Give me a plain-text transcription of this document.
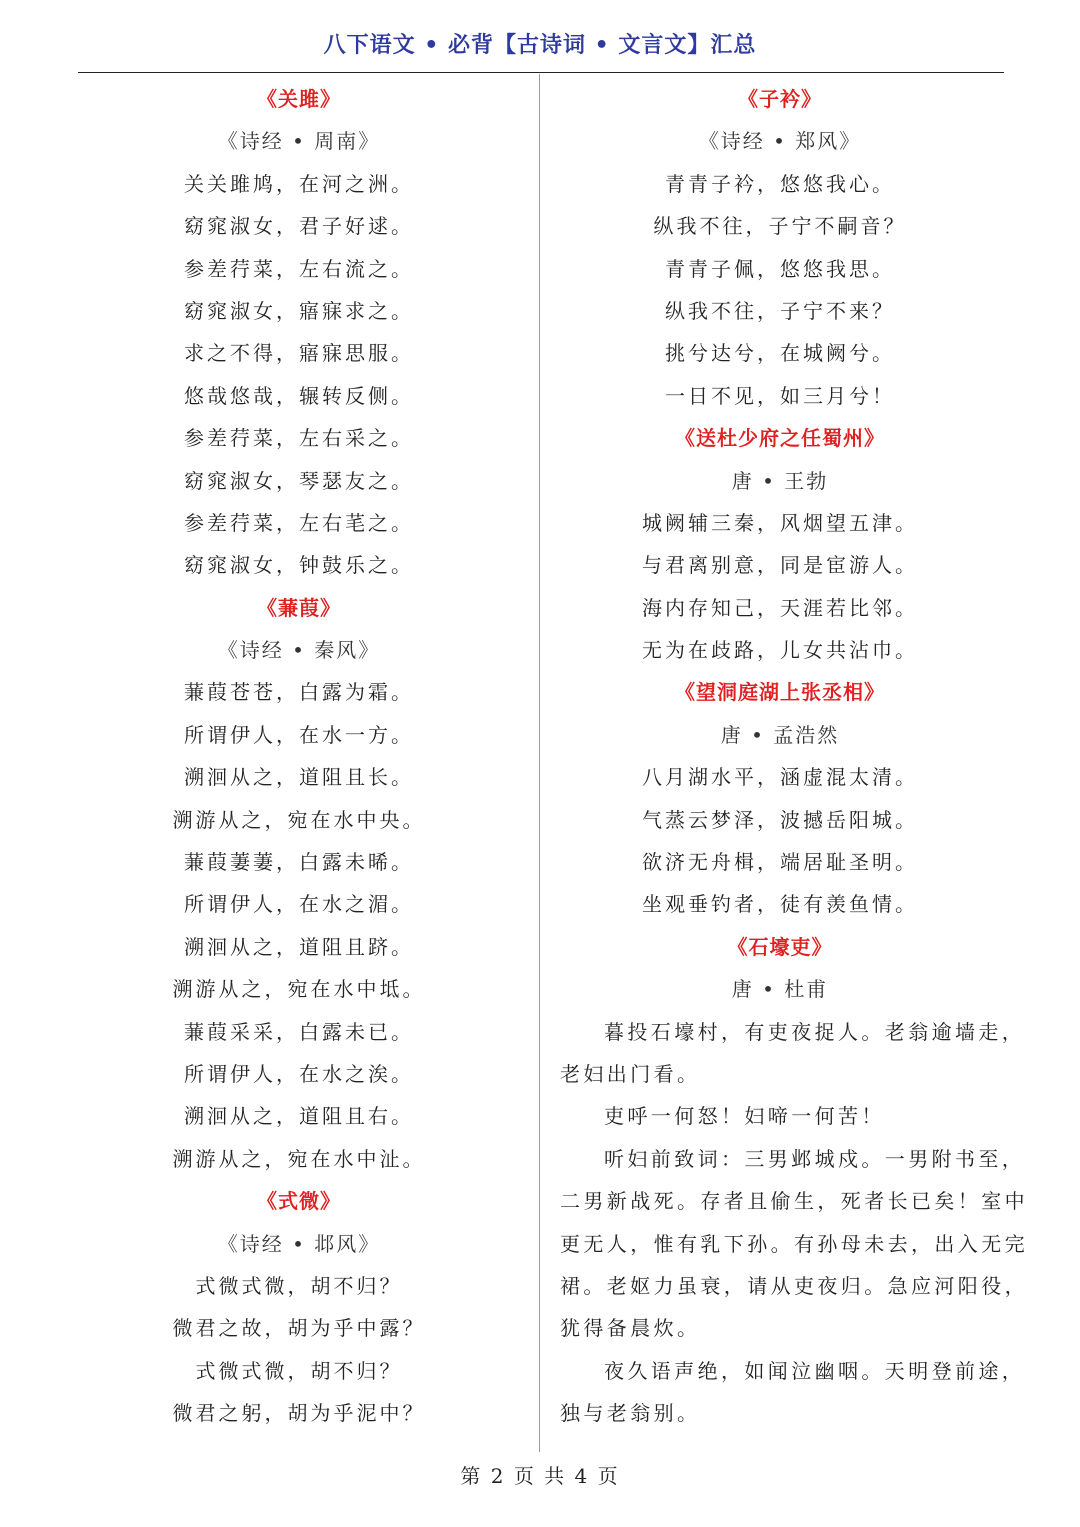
八下语文 • 必背【古诗词 • 文言文】汇总
《关雎》
《诗经 • 周南》
关关雎鸠，在河之洲。
窈窕淑女，君子好逑。
参差荇菜，左右流之。
窈窕淑女，寤寐求之。
求之不得，寤寐思服。
悠哉悠哉，辗转反侧。
参差荇菜，左右采之。
窈窕淑女，琴瑟友之。
参差荇菜，左右芼之。
窈窕淑女，钟鼓乐之。
《蒹葭》
《诗经 • 秦风》
蒹葭苍苍，白露为霜。
所谓伊人，在水一方。
溯洄从之，道阻且长。
溯游从之，宛在水中央。
蒹葭萋萋，白露未晞。
所谓伊人，在水之湄。
溯洄从之，道阻且跻。
溯游从之，宛在水中坻。
蒹葭采采，白露未已。
所谓伊人，在水之涘。
溯洄从之，道阻且右。
溯游从之，宛在水中沚。
《式微》
《诗经 • 邶风》
式微式微，胡不归？
微君之故，胡为乎中露？
式微式微，胡不归？
微君之躬，胡为乎泥中？
《子衿》
《诗经 • 郑风》
青青子衿，悠悠我心。
纵我不往，子宁不嗣音？
青青子佩，悠悠我思。
纵我不往，子宁不来？
挑兮达兮，在城阙兮。
一日不见，如三月兮！
《送杜少府之任蜀州》
唐 • 王勃
城阙辅三秦，风烟望五津。
与君离别意，同是宦游人。
海内存知己，天涯若比邻。
无为在歧路，儿女共沾巾。
《望洞庭湖上张丞相》
唐 • 孟浩然
八月湖水平，涵虚混太清。
气蒸云梦泽，波撼岳阳城。
欲济无舟楫，端居耻圣明。
坐观垂钓者，徒有羡鱼情。
《石壕吏》
唐 • 杜甫
暮投石壕村，有吏夜捉人。老翁逾墙走，
老妇出门看。
吏呼一何怒！妇啼一何苦！
听妇前致词：三男邺城戍。一男附书至，
二男新战死。存者且偷生，死者长已矣！室中
更无人，惟有乳下孙。有孙母未去，出入无完
裙。老妪力虽衰，请从吏夜归。急应河阳役，
犹得备晨炊。
夜久语声绝，如闻泣幽咽。天明登前途，
独与老翁别。
第 2 页 共 4 页
